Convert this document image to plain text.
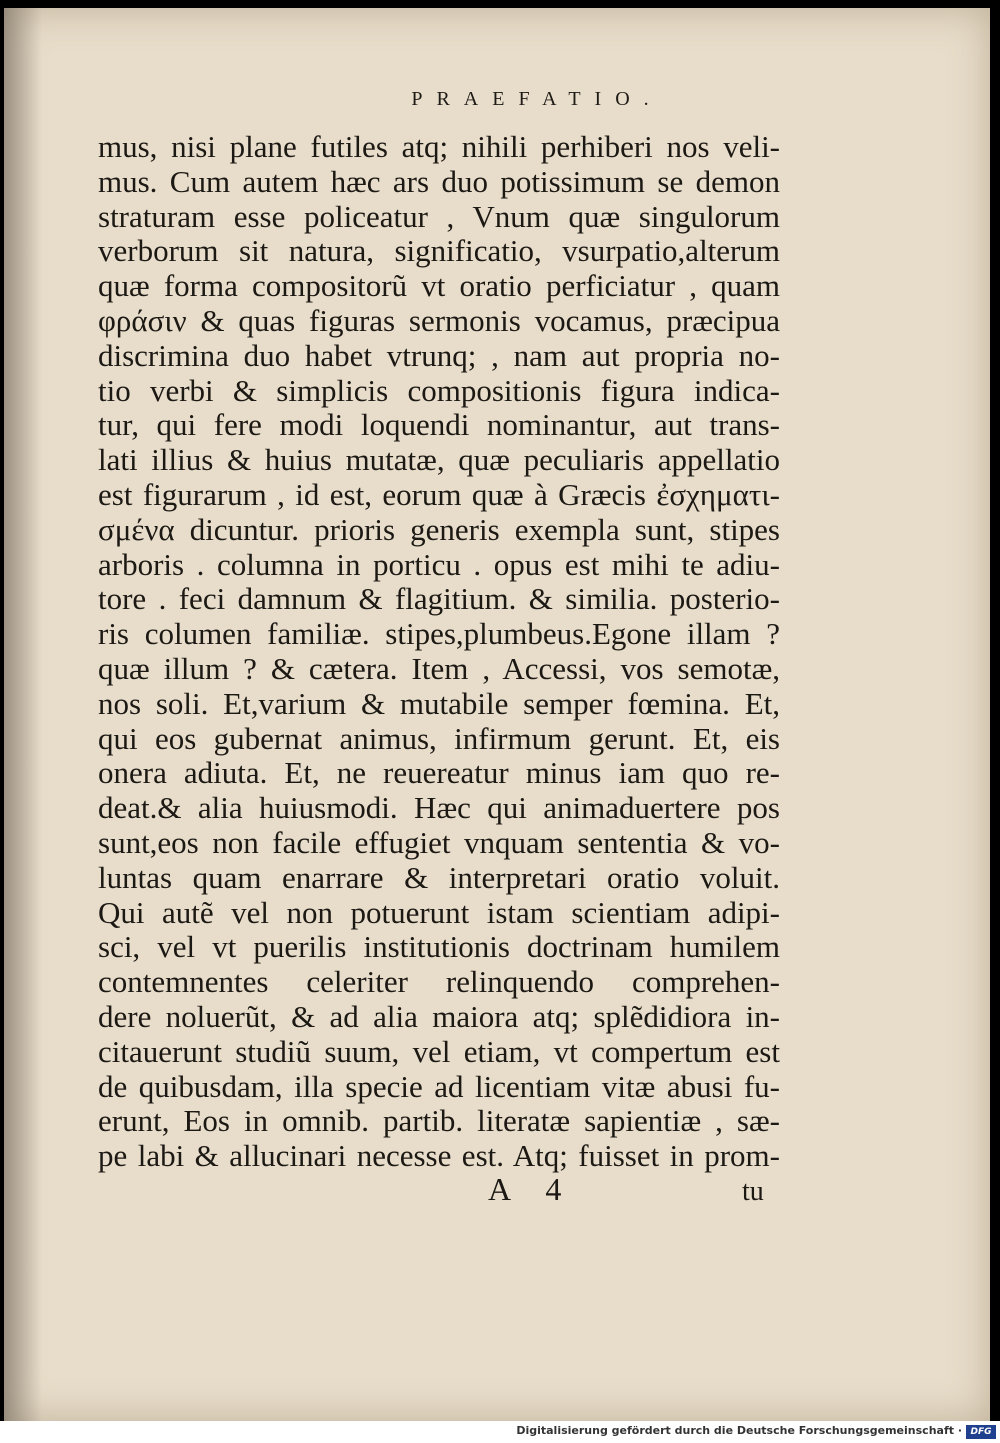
PRAEFATIO.
mus, nisi plane futiles atq; nihili perhiberi nos veli-
mus. Cum autem hæc ars duo potissimum se demon
straturam esse policeatur , Vnum quæ singulorum
verborum sit natura, significatio, vsurpatio,alterum
quæ forma compositorũ vt oratio perficiatur , quam
φράσιν & quas figuras sermonis vocamus, præcipua
discrimina duo habet vtrunq; , nam aut propria no-
tio verbi & simplicis compositionis figura indica-
tur, qui fere modi loquendi nominantur, aut trans-
lati illius & huius mutatæ, quæ peculiaris appellatio
est figurarum , id est, eorum quæ à Græcis ἐσχηματι-
σμένα dicuntur. prioris generis exempla sunt, stipes
arboris . columna in porticu . opus est mihi te adiu-
tore . feci damnum & flagitium. & similia. posterio-
ris columen familiæ. stipes,plumbeus.Egone illam ?
quæ illum ? & cætera. Item , Accessi, vos semotæ,
nos soli. Et,varium & mutabile semper fœmina. Et,
qui eos gubernat animus, infirmum gerunt. Et, eis
onera adiuta. Et, ne reuereatur minus iam quo re-
deat.& alia huiusmodi. Hæc qui animaduertere pos
sunt,eos non facile effugiet vnquam sententia & vo-
luntas quam enarrare & interpretari oratio voluit.
Qui autẽ vel non potuerunt istam scientiam adipi-
sci, vel vt puerilis institutionis doctrinam humilem
contemnentes celeriter relinquendo comprehen-
dere noluerũt, & ad alia maiora atq; splẽdidiora in-
citauerunt studiũ suum, vel etiam, vt compertum est
de quibusdam, illa specie ad licentiam vitæ abusi fu-
erunt, Eos in omnib. partib. literatæ sapientiæ , sæ-
pe labi & allucinari necesse est. Atq; fuisset in prom-
A 4	tu
Digitalisierung gefördert durch die Deutsche Forschungsgemeinschaft · DFG
